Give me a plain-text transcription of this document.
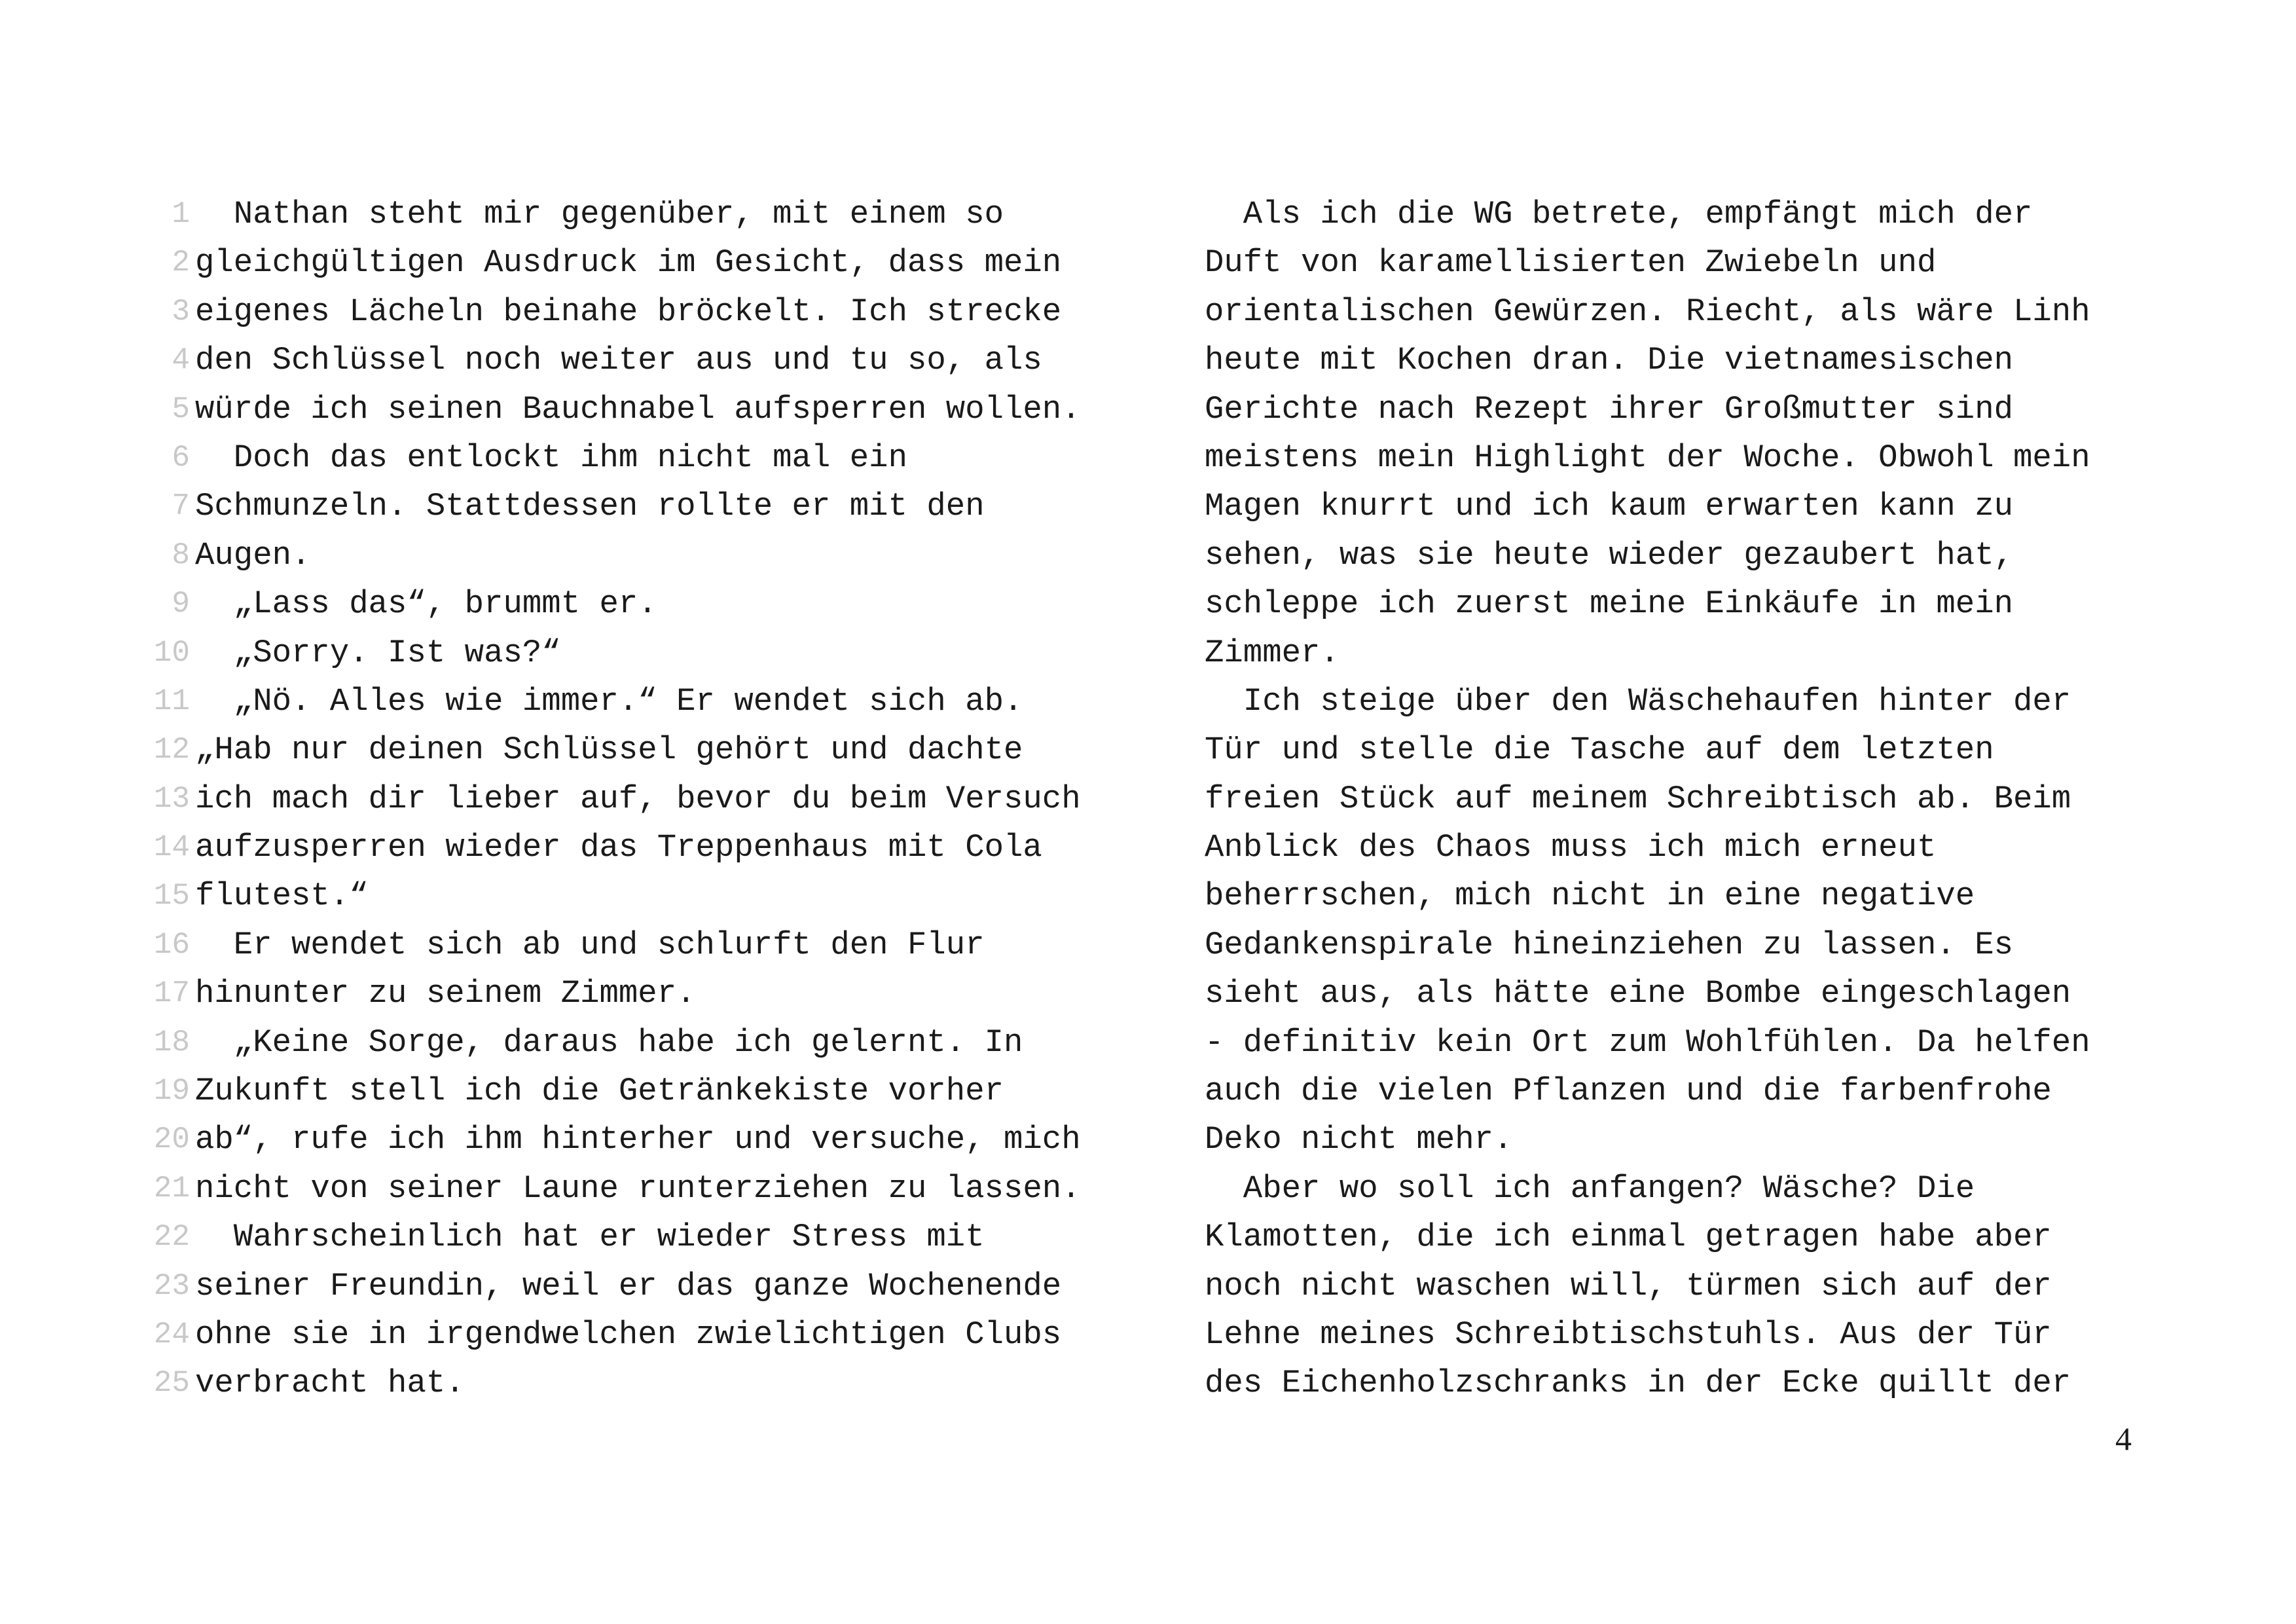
1 Nathan steht mir gegenüber, mit einem so
2 gleichgültigen Ausdruck im Gesicht, dass mein
3 eigenes Lächeln beinahe bröckelt. Ich strecke
4 den Schlüssel noch weiter aus und tu so, als
5 würde ich seinen Bauchnabel aufsperren wollen.
6 Doch das entlockt ihm nicht mal ein
7 Schmunzeln. Stattdessen rollte er mit den
8 Augen.
9 „Lass das“, brummt er.
10 „Sorry. Ist was?“
11 „Nö. Alles wie immer.“ Er wendet sich ab.
12 „Hab nur deinen Schlüssel gehört und dachte
13 ich mach dir lieber auf, bevor du beim Versuch
14 aufzusperren wieder das Treppenhaus mit Cola
15 flutest.“
16 Er wendet sich ab und schlurft den Flur
17 hinunter zu seinem Zimmer.
18 „Keine Sorge, daraus habe ich gelernt. In
19 Zukunft stell ich die Getränkekiste vorher
20 ab“, rufe ich ihm hinterher und versuche, mich
21 nicht von seiner Laune runterziehen zu lassen.
22 Wahrscheinlich hat er wieder Stress mit
23 seiner Freundin, weil er das ganze Wochenende
24 ohne sie in irgendwelchen zwielichtigen Clubs
25 verbracht hat.
Als ich die WG betrete, empfängt mich der
Duft von karamellisierten Zwiebeln und
orientalischen Gewürzen. Riecht, als wäre Linh
heute mit Kochen dran. Die vietnamesischen
Gerichte nach Rezept ihrer Großmutter sind
meistens mein Highlight der Woche. Obwohl mein
Magen knurrt und ich kaum erwarten kann zu
sehen, was sie heute wieder gezaubert hat,
schleppe ich zuerst meine Einkäufe in mein
Zimmer.
Ich steige über den Wäschehaufen hinter der
Tür und stelle die Tasche auf dem letzten
freien Stück auf meinem Schreibtisch ab. Beim
Anblick des Chaos muss ich mich erneut
beherrschen, mich nicht in eine negative
Gedankenspirale hineinziehen zu lassen. Es
sieht aus, als hätte eine Bombe eingeschlagen
- definitiv kein Ort zum Wohlfühlen. Da helfen
auch die vielen Pflanzen und die farbenfrohe
Deko nicht mehr.
Aber wo soll ich anfangen? Wäsche? Die
Klamotten, die ich einmal getragen habe aber
noch nicht waschen will, türmen sich auf der
Lehne meines Schreibtischstuhls. Aus der Tür
des Eichenholzschranks in der Ecke quillt der
4
